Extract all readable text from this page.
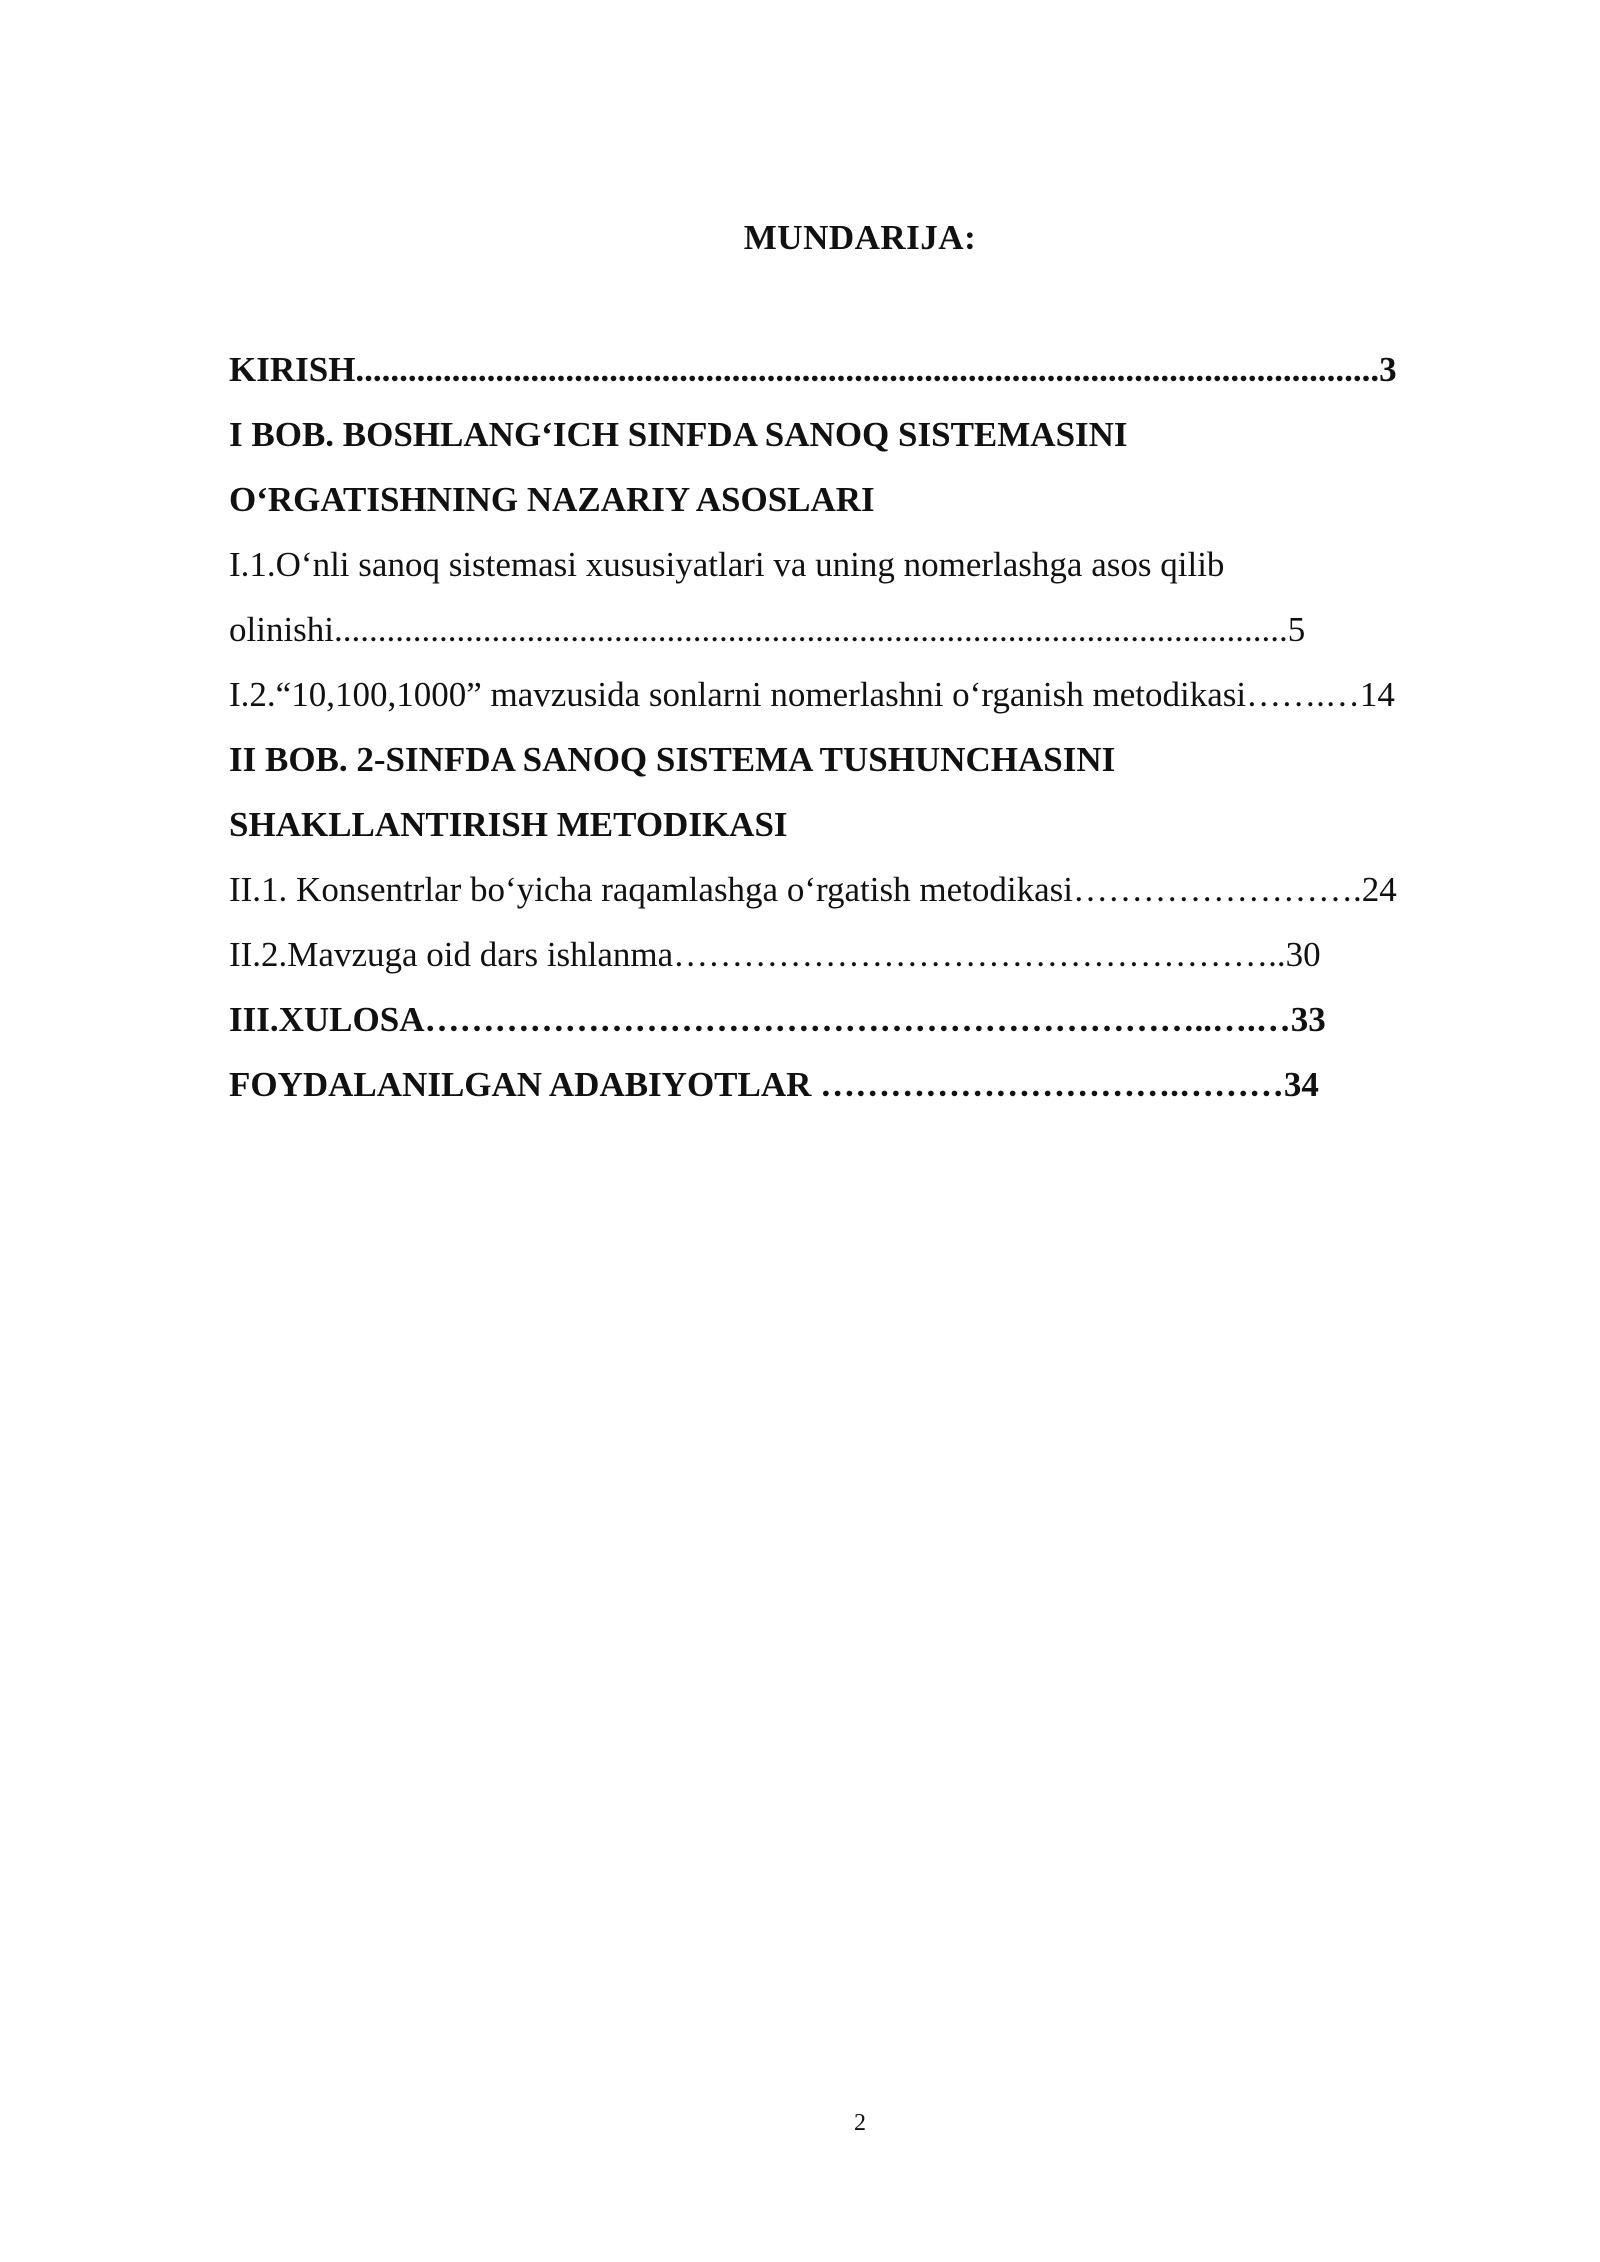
MUNDARIJA:
KIRISH.....................................................................................................................3
I BOB. BOSHLANG‘ICH SINFDA SANOQ SISTEMASINI
O‘RGATISHNING NAZARIY ASOSLARI
I.1.O‘nli sanoq sistemasi xususiyatlari va uning nomerlashga asos qilib
olinishi.............................................................................................................5
I.2.“10,100,1000” mavzusida sonlarni nomerlashni o‘rganish metodikasi…….…14
II BOB. 2-SINFDA SANOQ SISTEMA TUSHUNCHASINI
SHAKLLANTIRISH METODIKASI
II.1. Konsentrlar bo‘yicha raqamlashga o‘rgatish metodikasi…………………….24
II.2.Mavzuga oid dars ishlanma……………………………………………..30
III.XULOSA…………………………………………………………..….…33
FOYDALANILGAN ADABIYOTLAR ………………………….………34
2
